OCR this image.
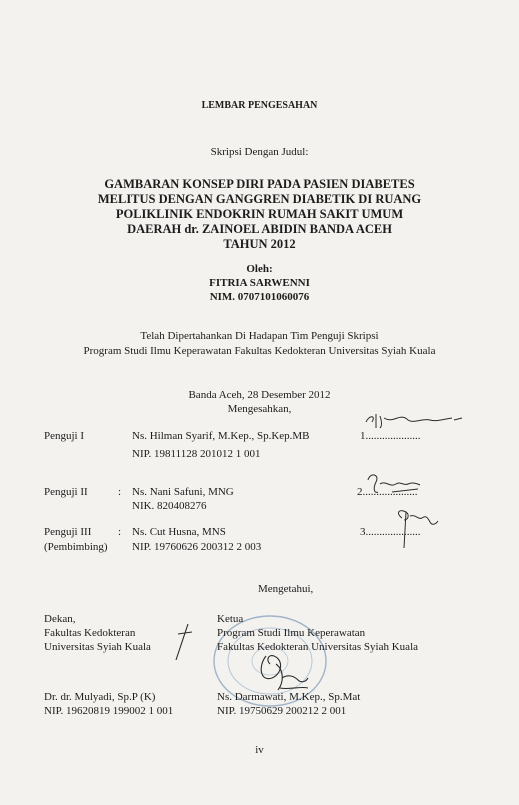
LEMBAR PENGESAHAN
Skripsi Dengan Judul:
GAMBARAN KONSEP DIRI PADA PASIEN DIABETES
MELITUS DENGAN GANGGREN DIABETIK DI RUANG
POLIKLINIK ENDOKRIN RUMAH SAKIT UMUM
DAERAH dr. ZAINOEL ABIDIN BANDA ACEH
TAHUN 2012
Oleh:
FITRIA SARWENNI
NIM. 0707101060076
Telah Dipertahankan Di Hadapan Tim Penguji Skripsi
Program Studi Ilmu Keperawatan Fakultas Kedokteran Universitas Syiah Kuala
Banda Aceh, 28 Desember 2012
Mengesahkan,
Penguji I	Ns. Hilman Syarif, M.Kep., Sp.Kep.MB
NIP. 19811128 201012 1 001
1....................
Penguji II	: Ns. Nani Safuni, MNG
NIK. 820408276
2....................
Penguji III
(Pembimbing)
: Ns. Cut Husna, MNS
NIP. 19760626 200312 2 003
3....................
Mengetahui,
Dekan,
Fakultas Kedokteran
Universitas Syiah Kuala
Dr. dr. Mulyadi, Sp.P (K)
NIP. 19620819 199002 1 001
Ketua
Program Studi Ilmu Keperawatan
Fakultas Kedokteran Universitas Syiah Kuala
Ns. Darmawati, M.Kep., Sp.Mat
NIP. 19750629 200212 2 001
iv
